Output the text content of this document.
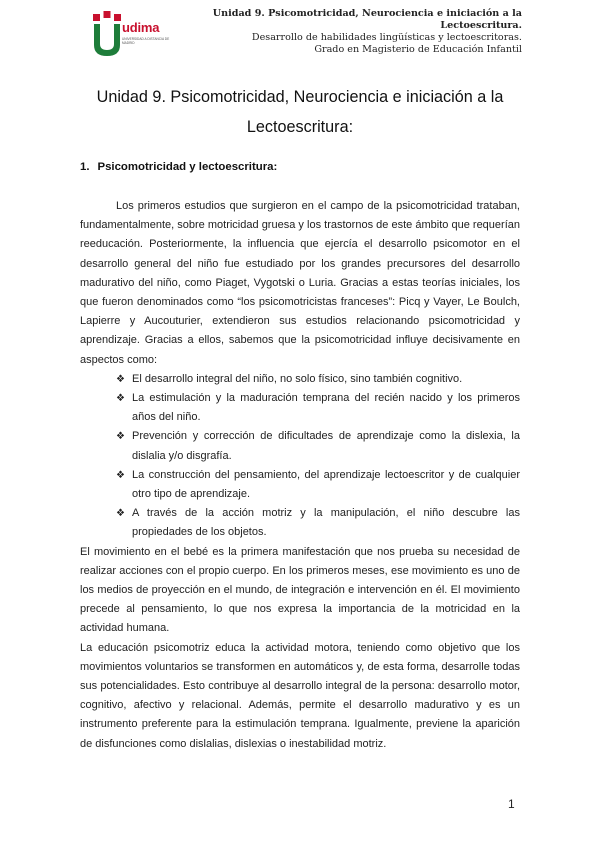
udima
UNIVERSIDAD A DISTANCIA DE MADRID
Unidad 9. Psicomotricidad, Neurociencia e iniciación a la
Lectoescritura.
Desarrollo de habilidades lingüísticas y lectoescritoras.
Grado en Magisterio de Educación Infantil
Unidad 9. Psicomotricidad, Neurociencia e iniciación a la
Lectoescritura:
1. Psicomotricidad y lectoescritura:

Los primeros estudios que surgieron en el campo de la psicomotricidad trataban, fundamentalmente, sobre motricidad gruesa y los trastornos de este ámbito que requerían reeducación. Posteriormente, la influencia que ejercía el desarrollo psicomotor en el desarrollo general del niño fue estudiado por los grandes precursores del desarrollo madurativo del niño, como Piaget, Vygotski o Luria. Gracias a estas teorías iniciales, los que fueron denominados como “los psicomotricistas franceses”: Picq y Vayer, Le Boulch, Lapierre y Aucouturier, extendieron sus estudios relacionando psicomotricidad y aprendizaje. Gracias a ellos, sabemos que la psicomotricidad influye decisivamente en aspectos como:

❖ El desarrollo integral del niño, no solo físico, sino también cognitivo.
❖ La estimulación y la maduración temprana del recién nacido y los primeros años del niño.
❖ Prevención y corrección de dificultades de aprendizaje como la dislexia, la dislalia y/o disgrafía.
❖ La construcción del pensamiento, del aprendizaje lectoescritor y de cualquier otro tipo de aprendizaje.
❖ A través de la acción motriz y la manipulación, el niño descubre las propiedades de los objetos.

El movimiento en el bebé es la primera manifestación que nos prueba su necesidad de realizar acciones con el propio cuerpo. En los primeros meses, ese movimiento es uno de los medios de proyección en el mundo, de integración e intervención en él. El movimiento precede al pensamiento, lo que nos expresa la importancia de la motricidad en la actividad humana.

La educación psicomotriz educa la actividad motora, teniendo como objetivo que los movimientos voluntarios se transformen en automáticos y, de esta forma, desarrolle todas sus potencialidades. Esto contribuye al desarrollo integral de la persona: desarrollo motor, cognitivo, afectivo y relacional. Además, permite el desarrollo madurativo y es un instrumento preferente para la estimulación temprana. Igualmente, previene la aparición de disfunciones como dislalias, dislexias o inestabilidad motriz.

1
